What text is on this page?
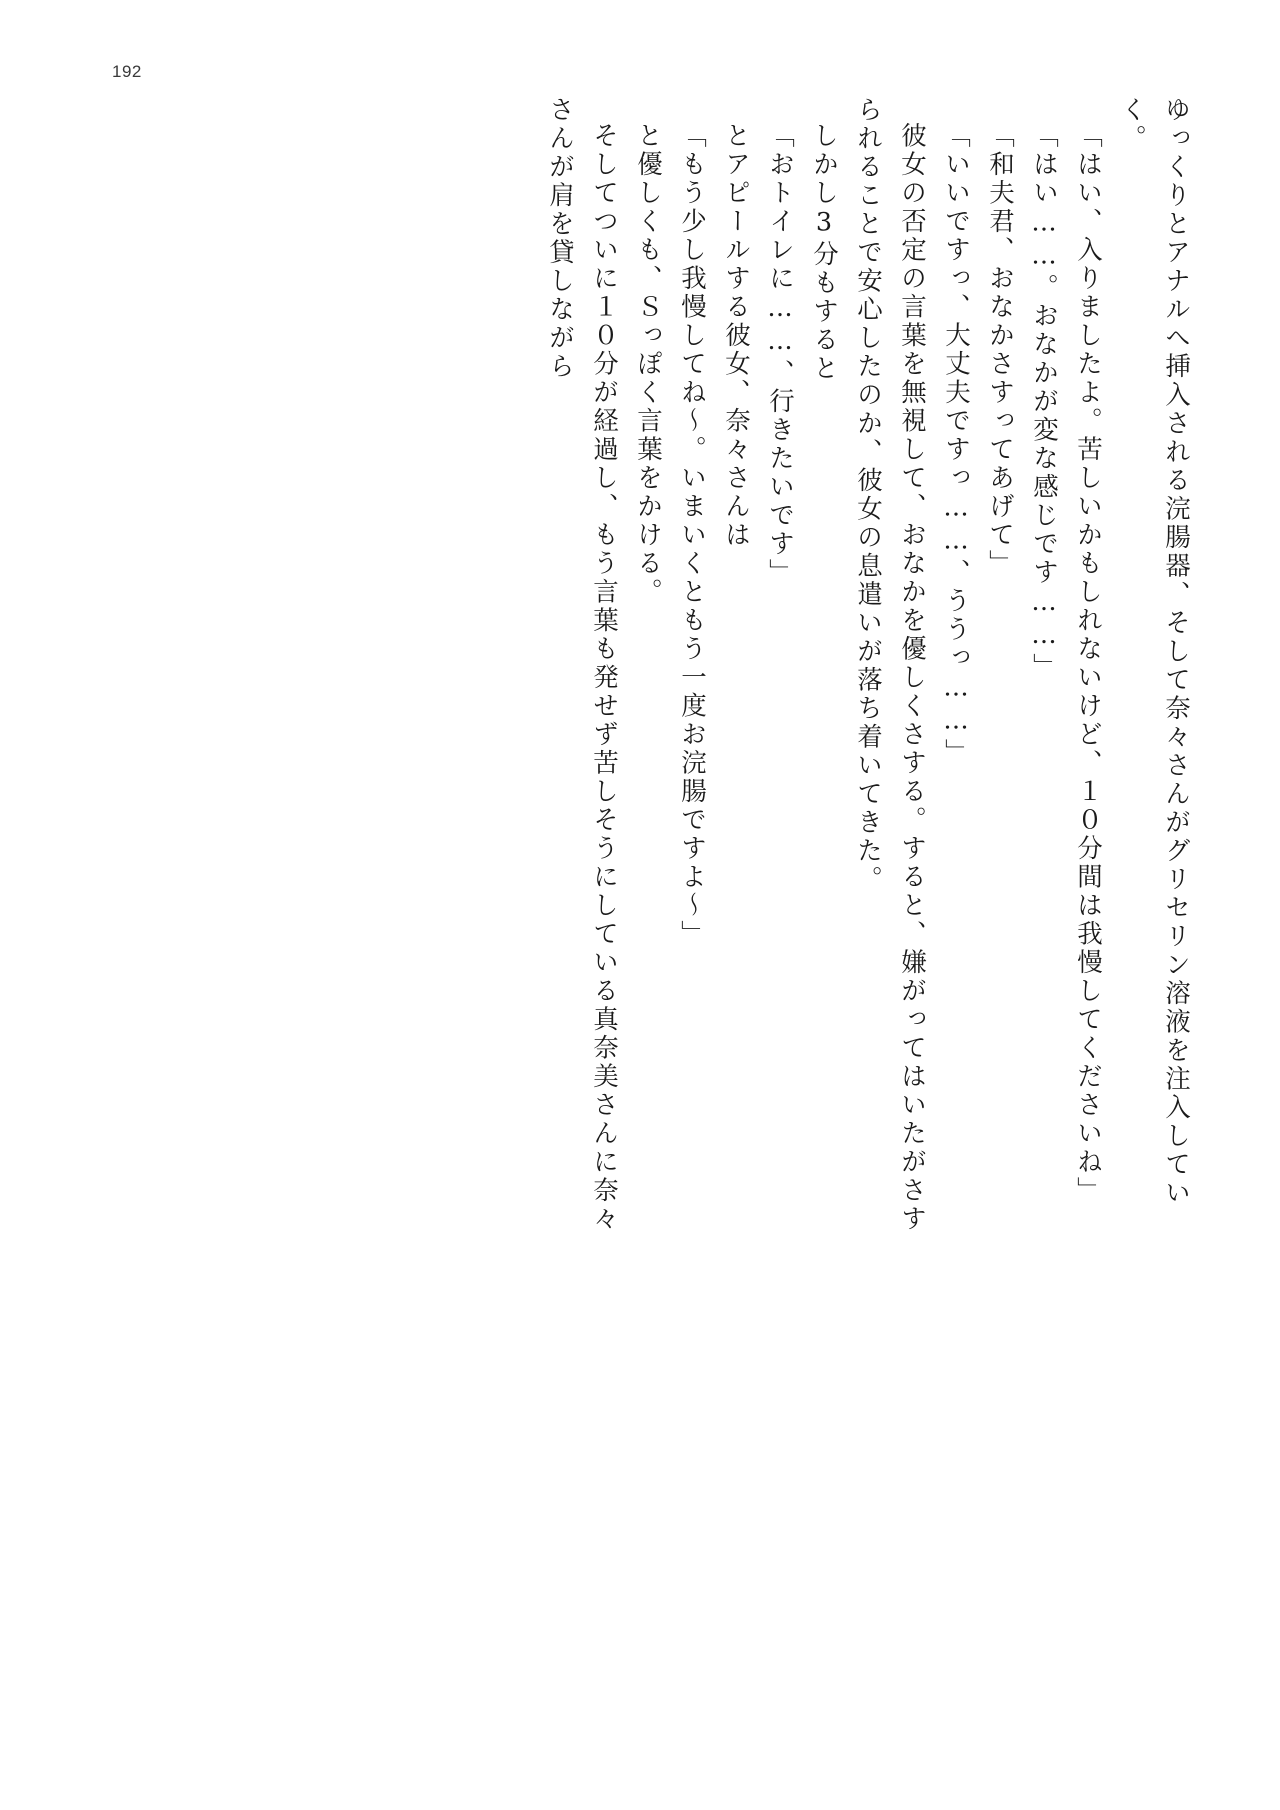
192
ゆっくりとアナルへ挿入される浣腸器、そして奈々さんがグリセリン溶液を注入してい
く。
「はい、入りましたよ。苦しいかもしれないけど、１０分間は我慢してくださいね」
「はい……。おなかが変な感じです……」
「和夫君、おなかさすってあげて」
「いいですっ、大丈夫ですっ……、ううっ……」
彼女の否定の言葉を無視して、おなかを優しくさする。すると、嫌がってはいたがさす
られることで安心したのか、彼女の息遣いが落ち着いてきた。
しかし3分もすると
「おトイレに……、行きたいです」
とアピールする彼女、奈々さんは
「もう少し我慢してね～。いまいくともう一度お浣腸ですよ～」
と優しくも、Ｓっぽく言葉をかける。
そしてついに１０分が経過し、もう言葉も発せず苦しそうにしている真奈美さんに奈々
さんが肩を貸しながら
